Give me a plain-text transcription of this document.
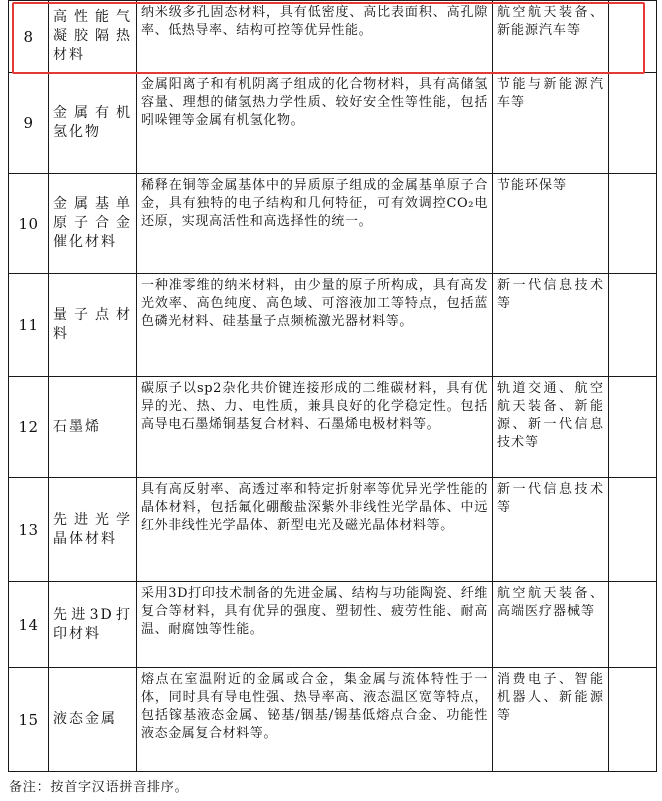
8	高性能气凝胶隔热材料	纳米级多孔固态材料，具有低密度、高比表面积、高孔隙率、低热导率、结构可控等优异性能。	航空航天装备、新能源汽车等	
9	金属有机氢化物	金属阳离子和有机阴离子组成的化合物材料，具有高储氢容量、理想的储氢热力学性质、较好安全性等性能，包括吲哚锂等金属有机氢化物。	节能与新能源汽车等	
10	金属基单原子合金催化材料	稀释在铜等金属基体中的异质原子组成的金属基单原子合金，具有独特的电子结构和几何特征，可有效调控CO₂电还原，实现高活性和高选择性的统一。	节能环保等	
11	量子点材料	一种准零维的纳米材料，由少量的原子所构成，具有高发光效率、高色纯度、高色域、可溶液加工等特点，包括蓝色磷光材料、硅基量子点频梳激光器材料等。	新一代信息技术等	
12	石墨烯	碳原子以sp2杂化共价键连接形成的二维碳材料，具有优异的光、热、力、电性质，兼具良好的化学稳定性。包括高导电石墨烯铜基复合材料、石墨烯电极材料等。	轨道交通、航空航天装备、新能源、新一代信息技术等	
13	先进光学晶体材料	具有高反射率、高透过率和特定折射率等优异光学性能的晶体材料，包括氟化硼酸盐深紫外非线性光学晶体、中远红外非线性光学晶体、新型电光及磁光晶体材料等。	新一代信息技术等	
14	先进3D打印材料	采用3D打印技术制备的先进金属、结构与功能陶瓷、纤维复合等材料，具有优异的强度、塑韧性、疲劳性能、耐高温、耐腐蚀等性能。	航空航天装备、高端医疗器械等	
15	液态金属	熔点在室温附近的金属或合金，集金属与流体特性于一体，同时具有导电性强、热导率高、液态温区宽等特点，包括镓基液态金属、铋基/铟基/锡基低熔点合金、功能性液态金属复合材料等。	消费电子、智能机器人、新能源等	
备注：按首字汉语拼音排序。
